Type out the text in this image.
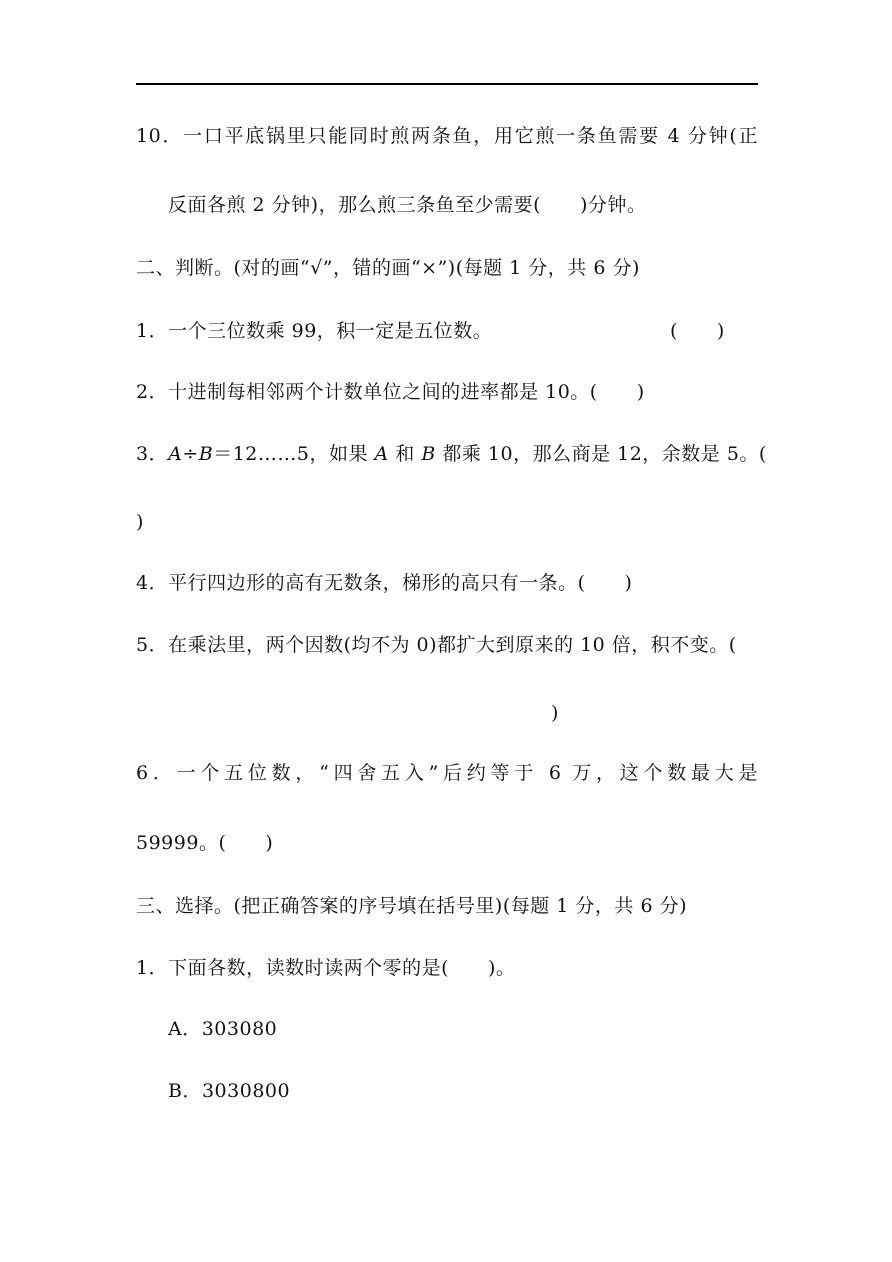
10．一口平底锅里只能同时煎两条鱼，用它煎一条鱼需要 4 分钟(正
反面各煎 2 分钟)，那么煎三条鱼至少需要(　　)分钟。
二、判断。(对的画“√”，错的画“×”)(每题 1 分，共 6 分)
1．一个三位数乘 99，积一定是五位数。	(　　)
2．十进制每相邻两个计数单位之间的进率都是 10。(　　)
3．A÷B＝12……5，如果 A 和 B 都乘 10，那么商是 12，余数是 5。(
)
4．平行四边形的高有无数条，梯形的高只有一条。(　　)
5．在乘法里，两个因数(均不为 0)都扩大到原来的 10 倍，积不变。(
)
6．一个五位数，“四舍五入”后约等于 6 万，这个数最大是
59999。(　　)
三、选择。(把正确答案的序号填在括号里)(每题 1 分，共 6 分)
1．下面各数，读数时读两个零的是(　　)。
A．303080
B．3030800
